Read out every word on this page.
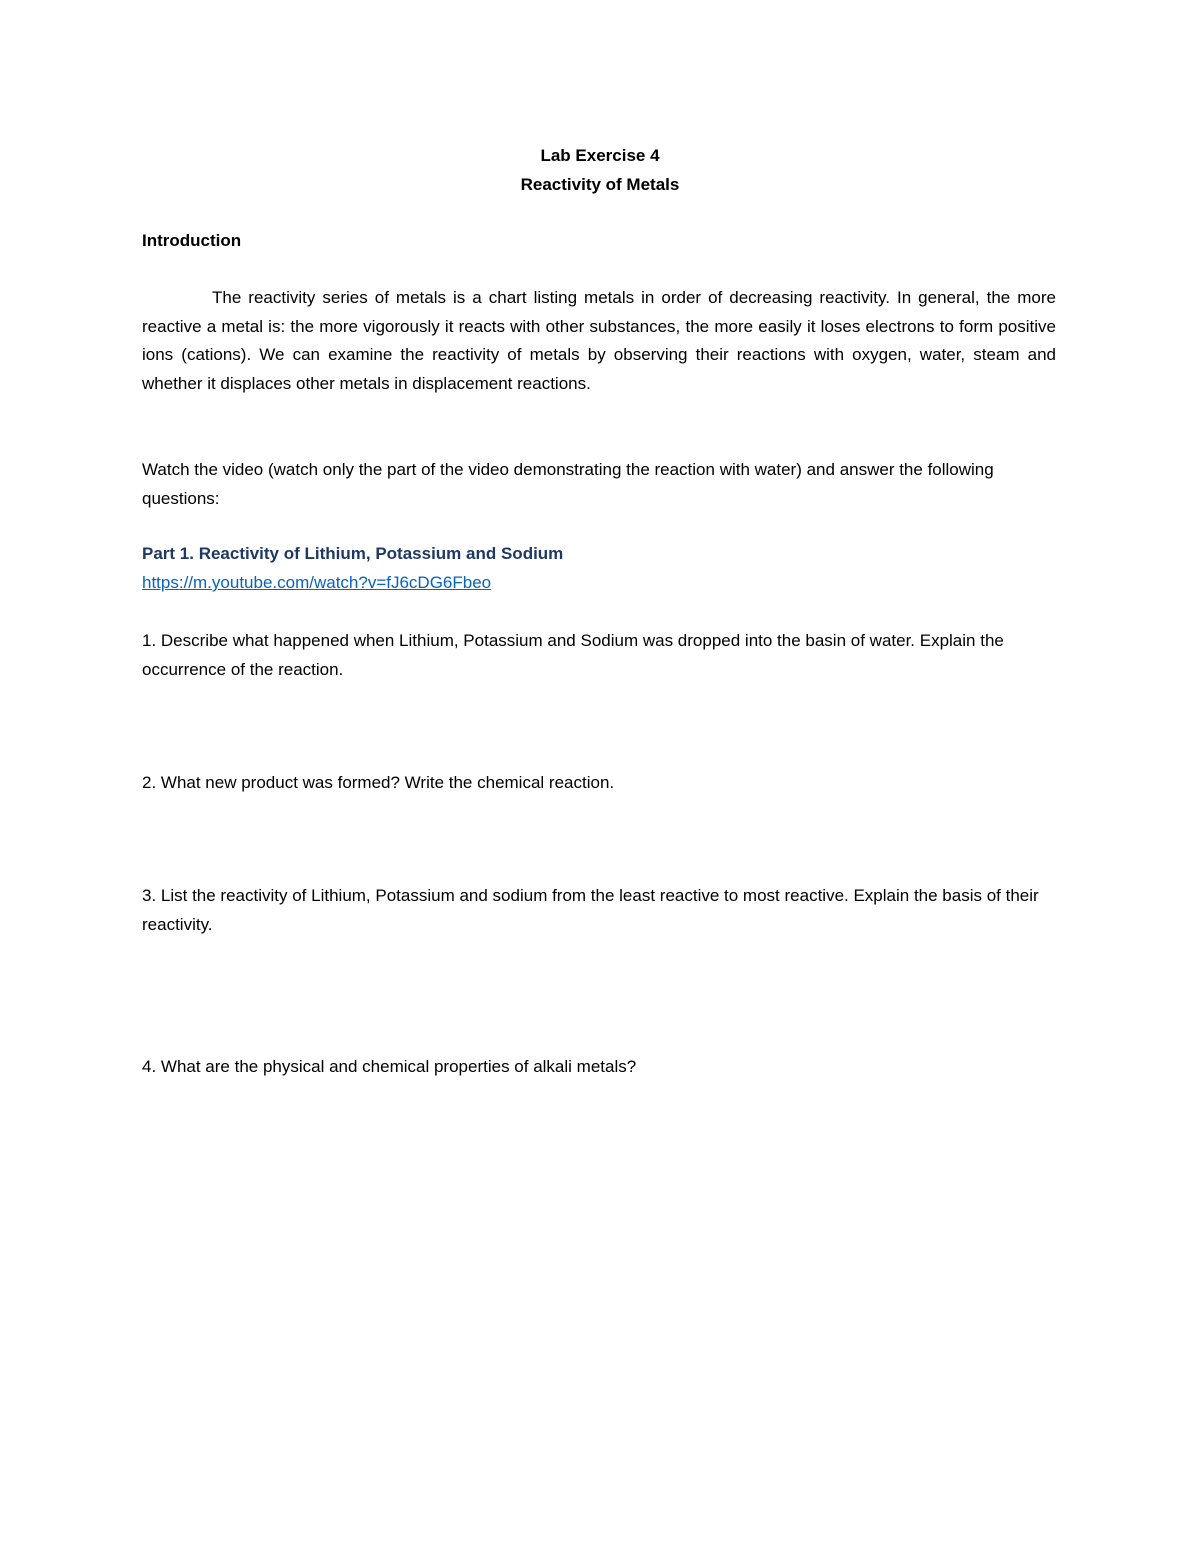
Lab Exercise 4
Reactivity of Metals
Introduction
The reactivity series of metals is a chart listing metals in order of decreasing reactivity. In general, the more reactive a metal is: the more vigorously it reacts with other substances, the more easily it loses electrons to form positive ions (cations). We can examine the reactivity of metals by observing their reactions with oxygen, water, steam and whether it displaces other metals in displacement reactions.
Watch the video (watch only the part of the video demonstrating the reaction with water) and answer the following questions:
Part 1. Reactivity of Lithium, Potassium and Sodium
https://m.youtube.com/watch?v=fJ6cDG6Fbeo
1. Describe what happened when Lithium, Potassium and Sodium was dropped into the basin of water. Explain the occurrence of the reaction.
2. What new product was formed? Write the chemical reaction.
3. List the reactivity of Lithium, Potassium and sodium from the least reactive to most reactive. Explain the basis of their reactivity.
4. What are the physical and chemical properties of alkali metals?
